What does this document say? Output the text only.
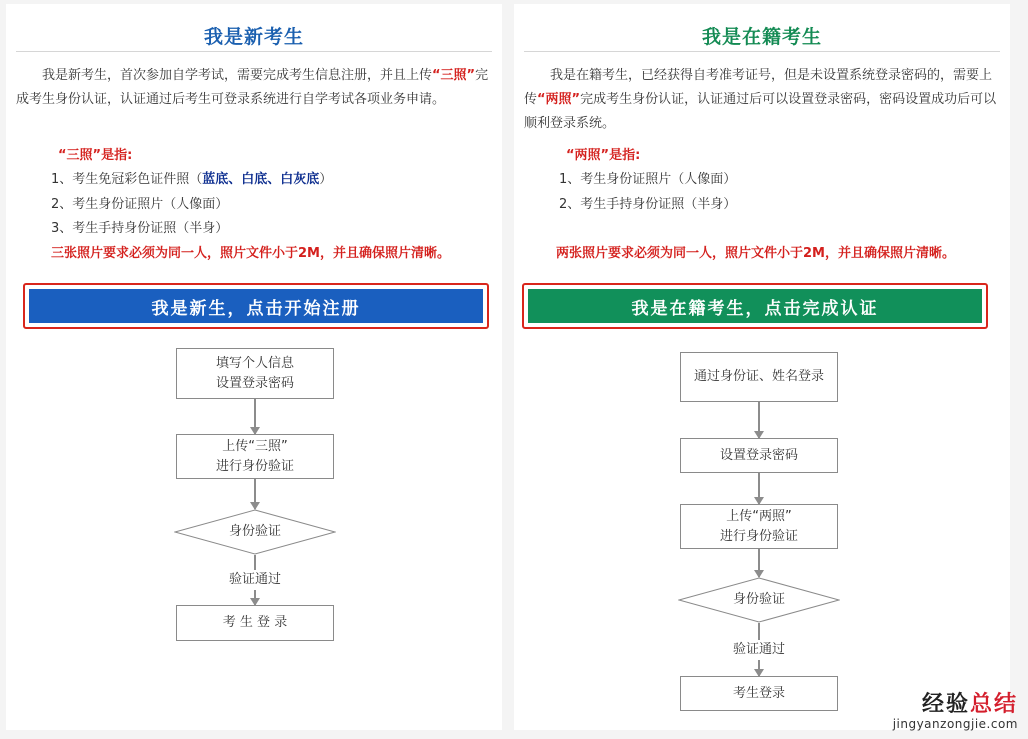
我是新考生

我是新考生，首次参加自学考试，需要完成考生信息注册，并且上传“三照”完成考生身份认证，认证通过后考生可登录系统进行自学考试各项业务申请。

“三照”是指:
1、考生免冠彩色证件照（蓝底、白底、白灰底）
2、考生身份证照片（人像面）
3、考生手持身份证照（半身）
三张照片要求必须为同一人，照片文件小于2M，并且确保照片清晰。
我是新生，点击开始注册
填写个人信息
设置登录密码
上传“三照”
进行身份验证
身份验证
验证通过
考 生 登 录
我是在籍考生

我是在籍考生，已经获得自考准考证号，但是未设置系统登录密码的，需要上传“两照”完成考生身份认证，认证通过后可以设置登录密码，密码设置成功后可以顺利登录系统。

“两照”是指:
1、考生身份证照片（人像面）
2、考生手持身份证照（半身）
两张照片要求必须为同一人，照片文件小于2M，并且确保照片清晰。
我是在籍考生，点击完成认证
通过身份证、姓名登录
设置登录密码
上传“两照”
进行身份验证
身份验证
验证通过
考生登录	经验总结
jingyanzongjie.com
